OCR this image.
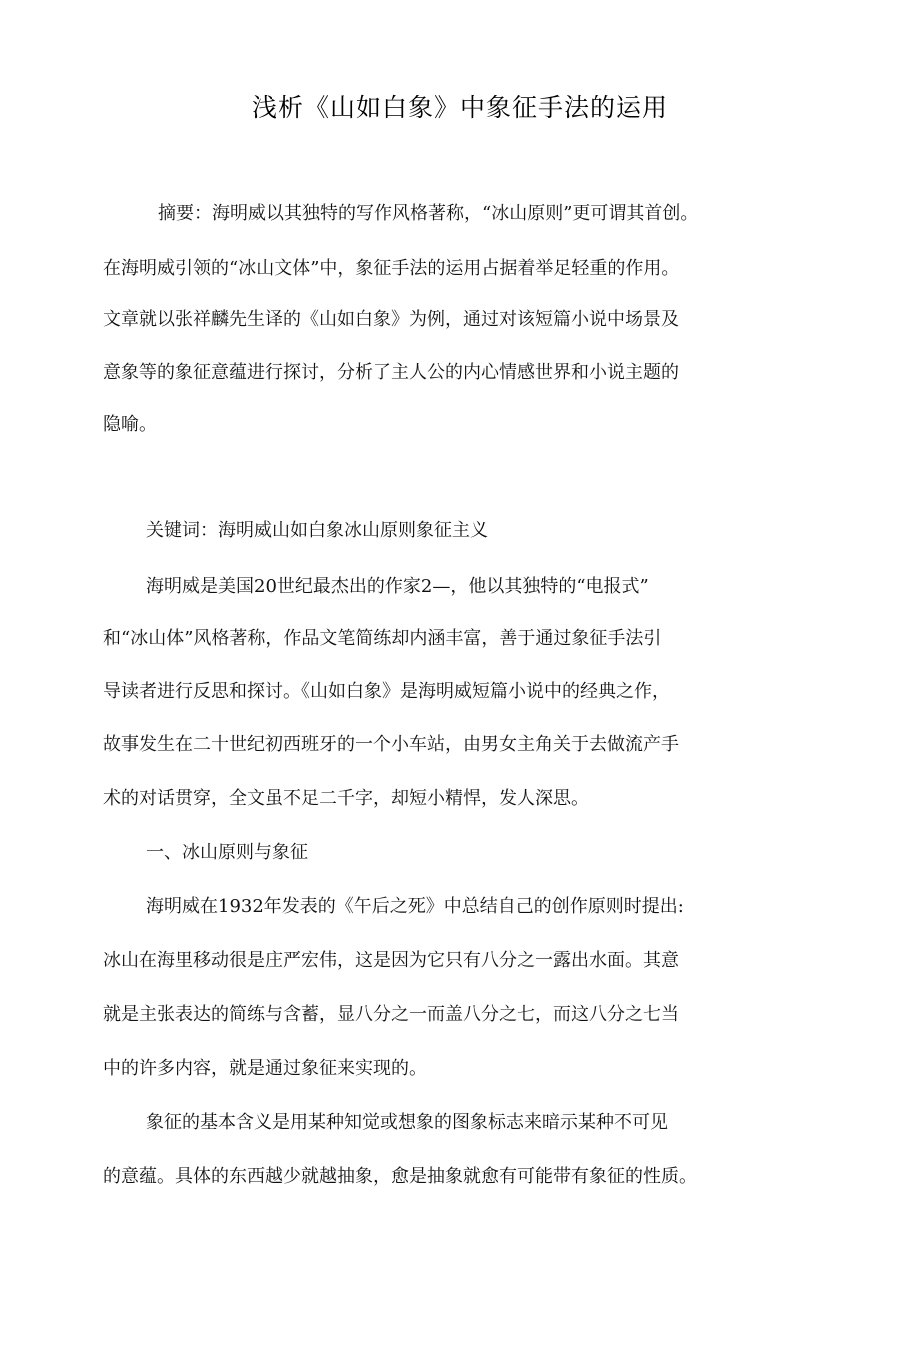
浅析《山如白象》中象征手法的运用
摘要：海明威以其独特的写作风格著称，“冰山原则”更可谓其首创。
在海明威引领的“冰山文体”中，象征手法的运用占据着举足轻重的作用。
文章就以张祥麟先生译的《山如白象》为例，通过对该短篇小说中场景及
意象等的象征意蕴进行探讨，分析了主人公的内心情感世界和小说主题的
隐喻。
关键词：海明威山如白象冰山原则象征主义
海明威是美国20世纪最杰出的作家2—，他以其独特的“电报式”
和“冰山体”风格著称，作品文笔简练却内涵丰富，善于通过象征手法引
导读者进行反思和探讨。《山如白象》是海明威短篇小说中的经典之作，
故事发生在二十世纪初西班牙的一个小车站，由男女主角关于去做流产手
术的对话贯穿，全文虽不足二千字，却短小精悍，发人深思。
一、冰山原则与象征
海明威在1932年发表的《午后之死》中总结自己的创作原则时提出:
冰山在海里移动很是庄严宏伟，这是因为它只有八分之一露出水面。其意
就是主张表达的简练与含蓄，显八分之一而盖八分之七，而这八分之七当
中的许多内容，就是通过象征来实现的。
象征的基本含义是用某种知觉或想象的图象标志来暗示某种不可见
的意蕴。具体的东西越少就越抽象，愈是抽象就愈有可能带有象征的性质。
